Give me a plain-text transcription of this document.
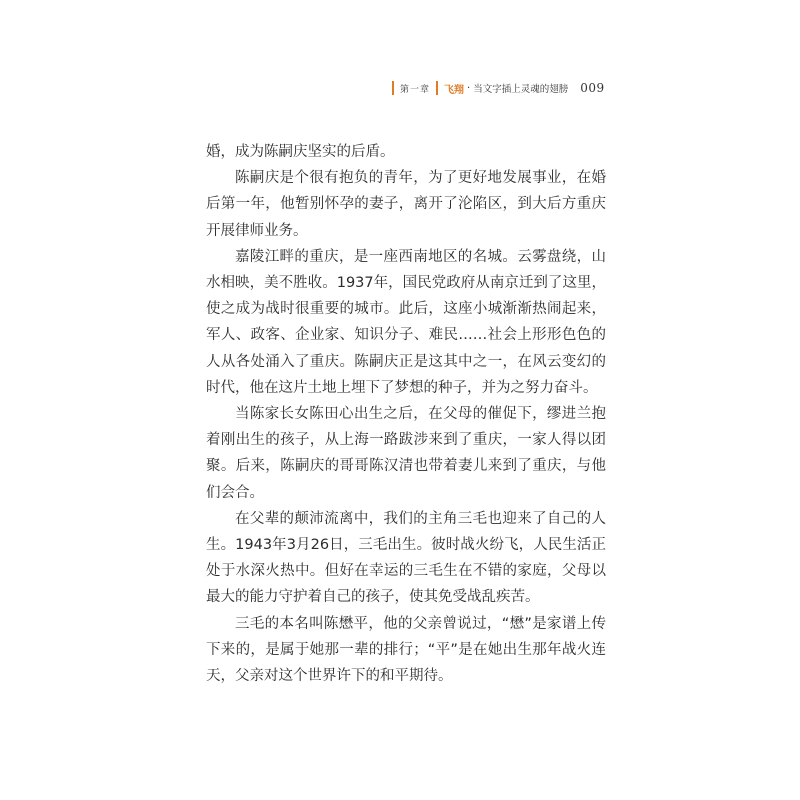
第一章 飞翔 · 当文字插上灵魂的翅膀 009

婚，成为陈嗣庆坚实的后盾。

陈嗣庆是个很有抱负的青年，为了更好地发展事业，在婚后第一年，他暂别怀孕的妻子，离开了沦陷区，到大后方重庆开展律师业务。

嘉陵江畔的重庆，是一座西南地区的名城。云雾盘绕，山水相映，美不胜收。1937年，国民党政府从南京迁到了这里，使之成为战时很重要的城市。此后，这座小城渐渐热闹起来，军人、政客、企业家、知识分子、难民……社会上形形色色的人从各处涌入了重庆。陈嗣庆正是这其中之一，在风云变幻的时代，他在这片土地上埋下了梦想的种子，并为之努力奋斗。

当陈家长女陈田心出生之后，在父母的催促下，缪进兰抱着刚出生的孩子，从上海一路跋涉来到了重庆，一家人得以团聚。后来，陈嗣庆的哥哥陈汉清也带着妻儿来到了重庆，与他们会合。

在父辈的颠沛流离中，我们的主角三毛也迎来了自己的人生。1943年3月26日，三毛出生。彼时战火纷飞，人民生活正处于水深火热中。但好在幸运的三毛生在不错的家庭，父母以最大的能力守护着自己的孩子，使其免受战乱疾苦。

三毛的本名叫陈懋平，他的父亲曾说过，“懋”是家谱上传下来的，是属于她那一辈的排行；“平”是在她出生那年战火连天，父亲对这个世界许下的和平期待。
